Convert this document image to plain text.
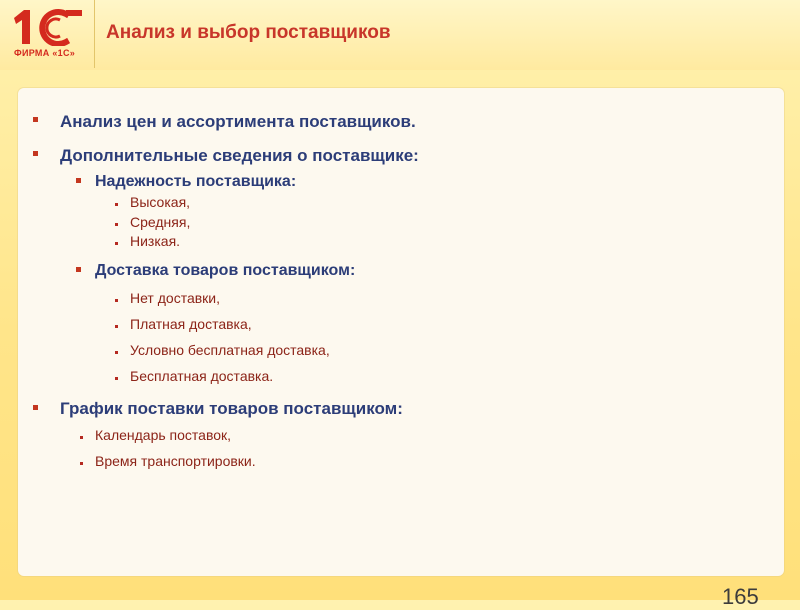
ФИРМА «1С»
Анализ и выбор поставщиков
Анализ цен и ассортимента поставщиков.
Дополнительные сведения о поставщике:
Надежность поставщика:
Высокая,
Средняя,
Низкая.
Доставка товаров поставщиком:
Нет доставки,
Платная доставка,
Условно бесплатная доставка,
Бесплатная доставка.
График поставки товаров поставщиком:
Календарь поставок,
Время транспортировки.
165
